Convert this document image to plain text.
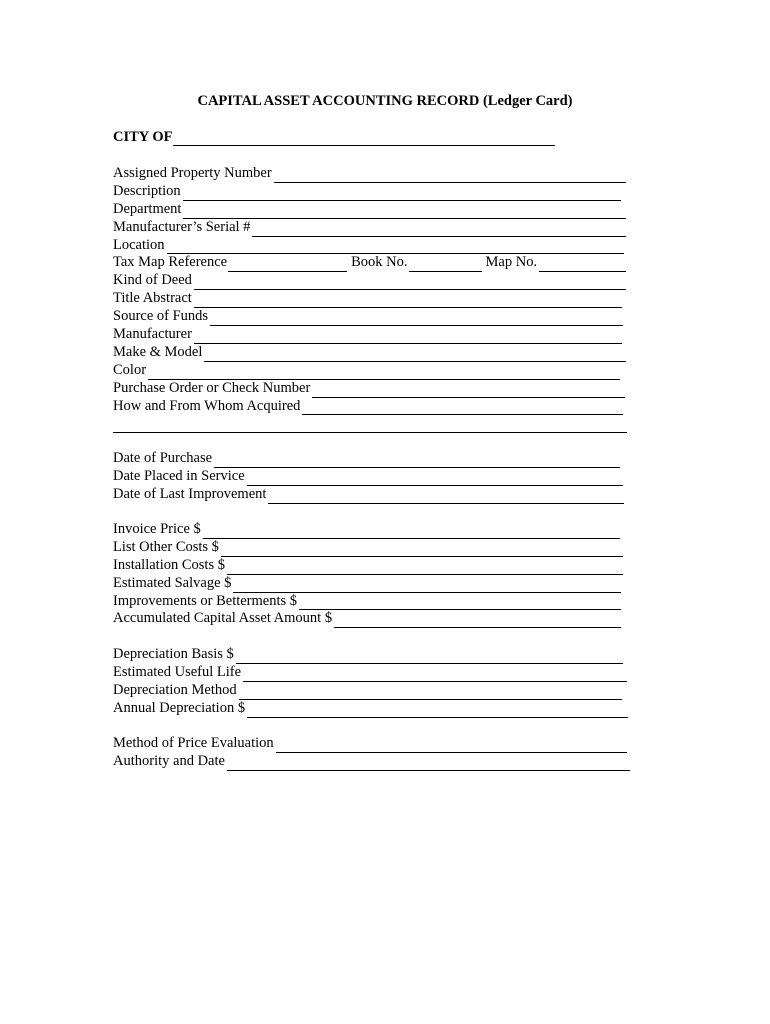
CAPITAL ASSET ACCOUNTING RECORD (Ledger Card)
CITY OF
Assigned Property Number
Description
Department
Manufacturer’s Serial #
Location
Tax Map Reference	Book No.	Map No.
Kind of Deed
Title Abstract
Source of Funds
Manufacturer
Make & Model
Color
Purchase Order or Check Number
How and From Whom Acquired
Date of Purchase
Date Placed in Service
Date of Last Improvement
Invoice Price $
List Other Costs $
Installation Costs $
Estimated Salvage $
Improvements or Betterments $
Accumulated Capital Asset Amount $
Depreciation Basis $
Estimated Useful Life
Depreciation Method
Annual Depreciation $
Method of Price Evaluation
Authority and Date
